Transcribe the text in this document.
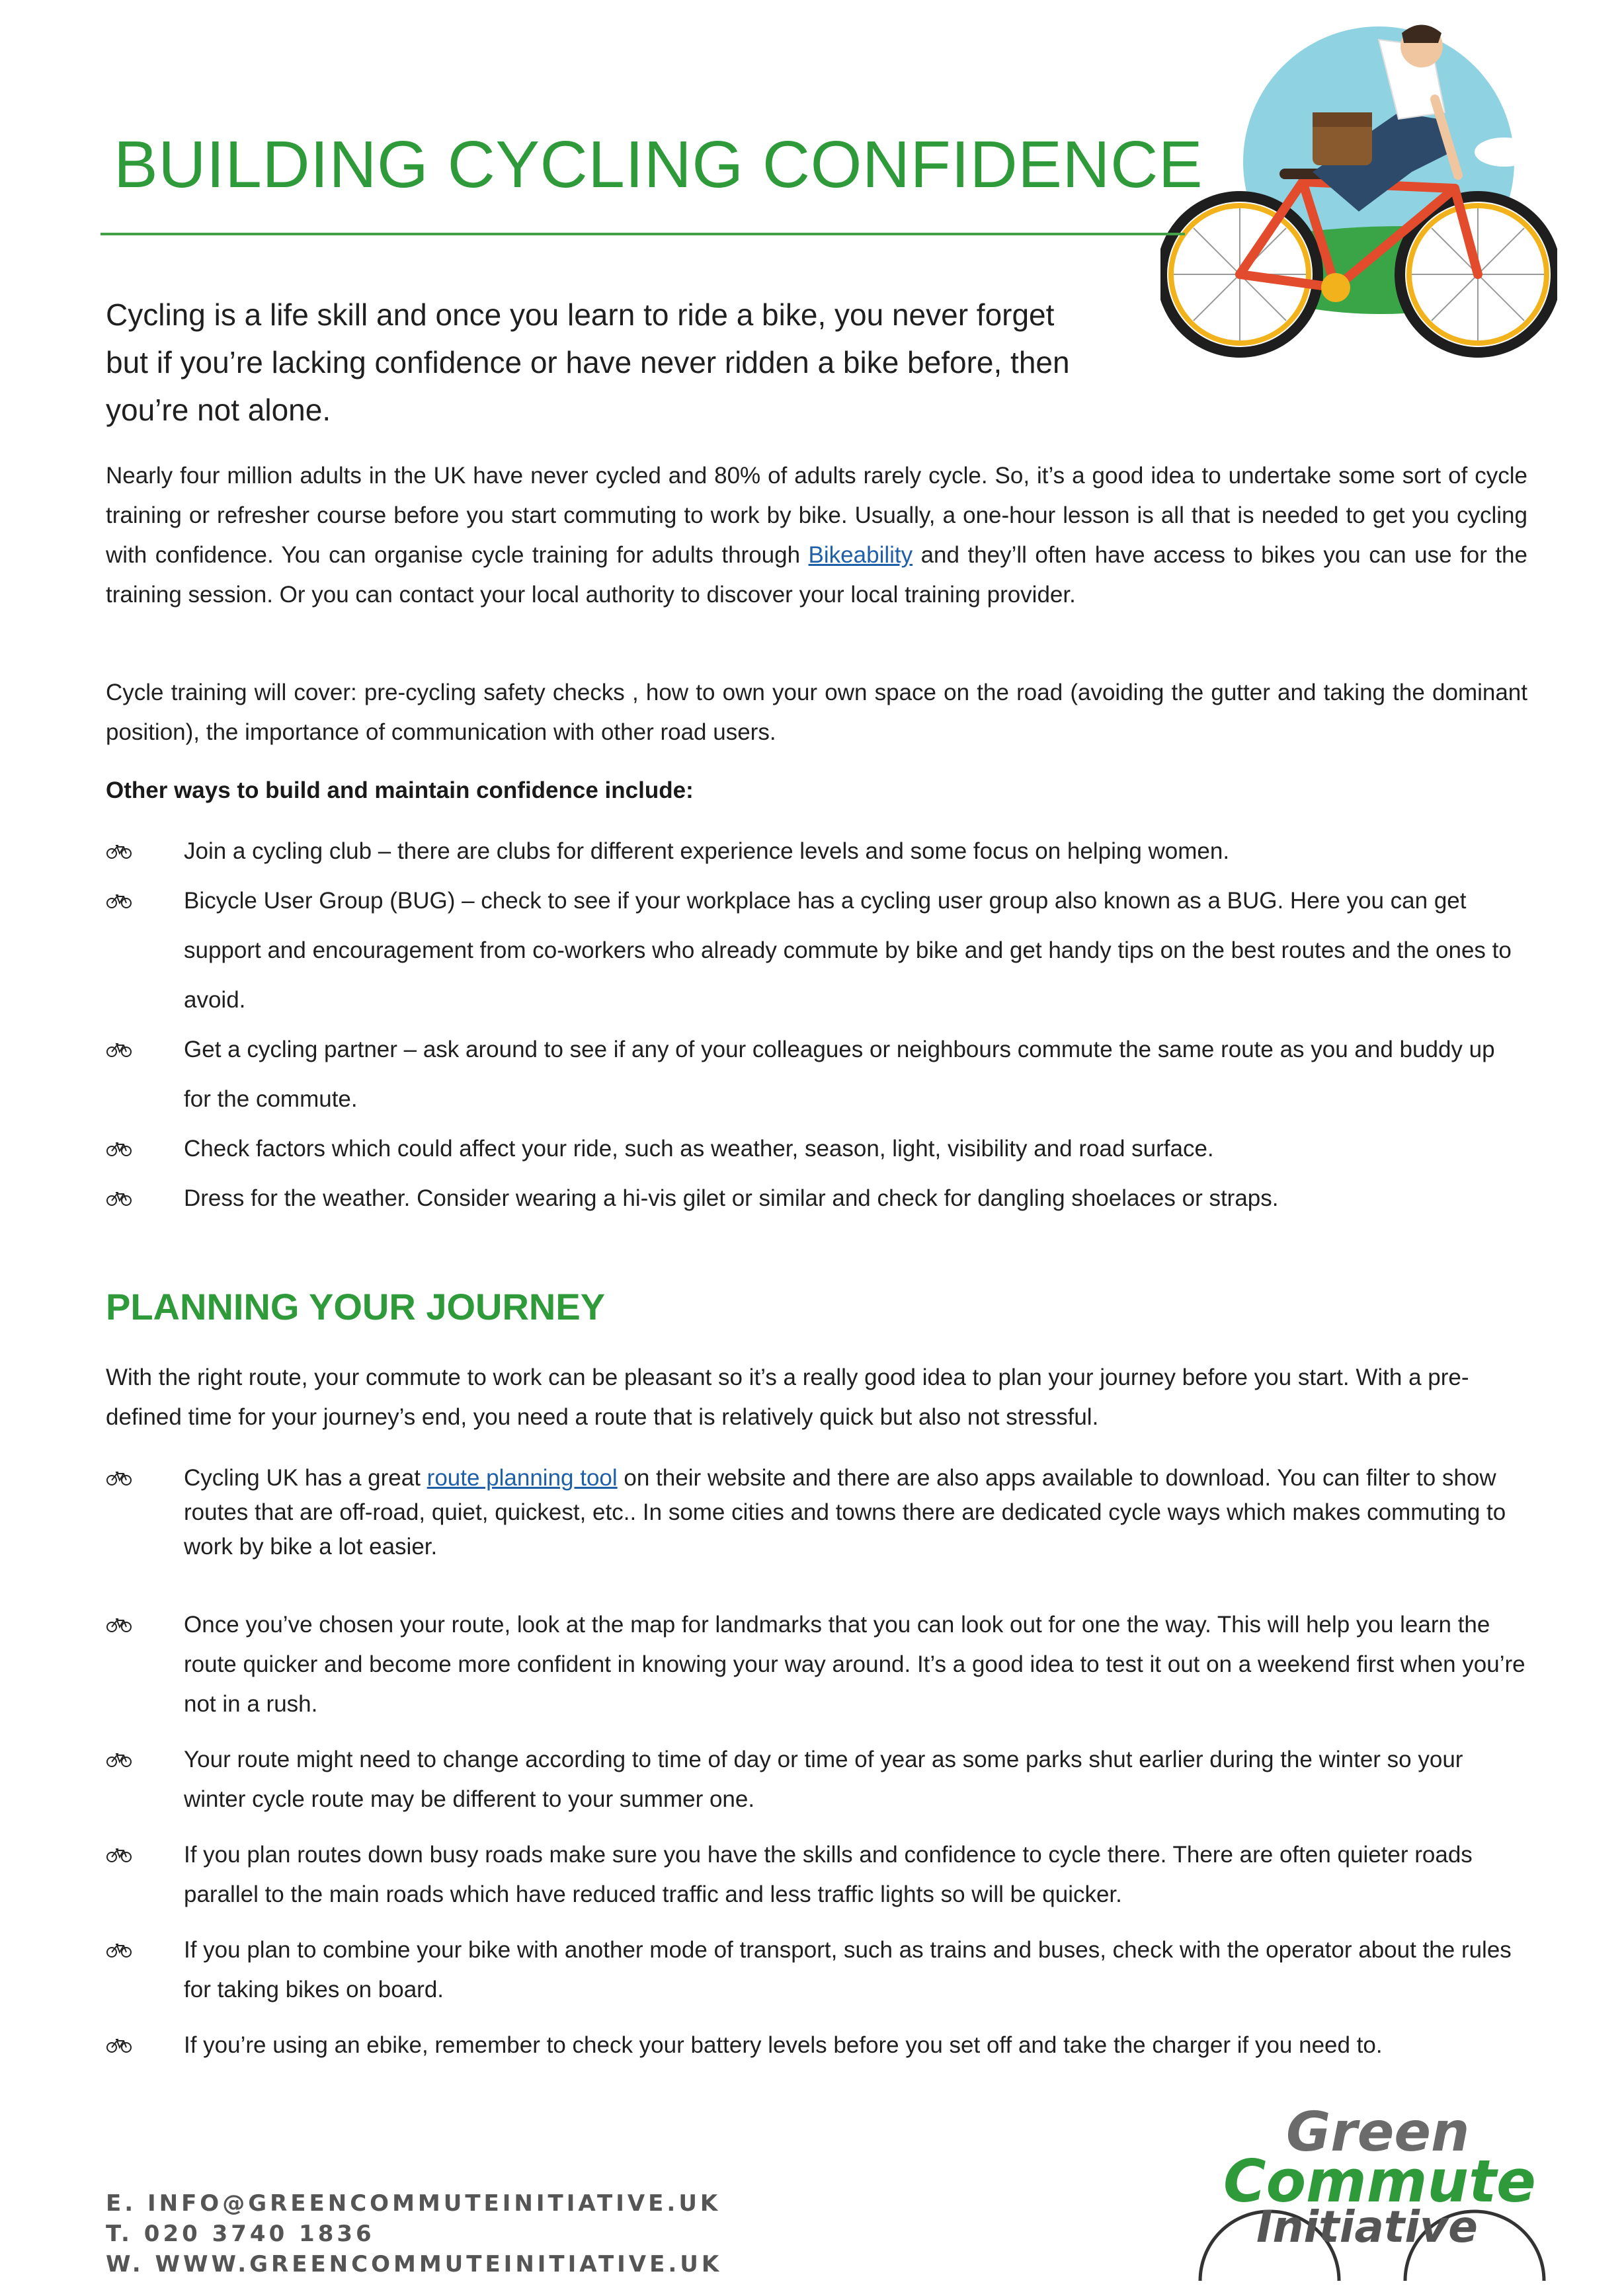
BUILDING CYCLING CONFIDENCE

Cycling is a life skill and once you learn to ride a bike, you never forget but if you’re lacking confidence or have never ridden a bike before, then you’re not alone.

Nearly four million adults in the UK have never cycled and 80% of adults rarely cycle. So, it’s a good idea to undertake some sort of cycle training or refresher course before you start commuting to work by bike. Usually, a one-hour lesson is all that is needed to get you cycling with confidence. You can organise cycle training for adults through Bikeability and they’ll often have access to bikes you can use for the training session. Or you can contact your local authority to discover your local training provider.

Cycle training will cover: pre-cycling safety checks , how to own your own space on the road (avoiding the gutter and taking the dominant position), the importance of communication with other road users.

Other ways to build and maintain confidence include:

Join a cycling club – there are clubs for different experience levels and some focus on helping women.
Bicycle User Group (BUG) – check to see if your workplace has a cycling user group also known as a BUG. Here you can get support and encouragement from co-workers who already commute by bike and get handy tips on the best routes and the ones to avoid.
Get a cycling partner – ask around to see if any of your colleagues or neighbours commute the same route as you and buddy up for the commute.
Check factors which could affect your ride, such as weather, season, light, visibility and road surface.
Dress for the weather. Consider wearing a hi-vis gilet or similar and check for dangling shoelaces or straps.
PLANNING YOUR JOURNEY

With the right route, your commute to work can be pleasant so it’s a really good idea to plan your journey before you start. With a pre-defined time for your journey’s end, you need a route that is relatively quick but also not stressful.

Cycling UK has a great route planning tool on their website and there are also apps available to download. You can filter to show routes that are off-road, quiet, quickest, etc.. In some cities and towns there are dedicated cycle ways which makes commuting to work by bike a lot easier.
Once you’ve chosen your route, look at the map for landmarks that you can look out for one the way. This will help you learn the route quicker and become more confident in knowing your way around. It’s a good idea to test it out on a weekend first when you’re not in a rush.
Your route might need to change according to time of day or time of year as some parks shut earlier during the winter so your winter cycle route may be different to your summer one.
If you plan routes down busy roads make sure you have the skills and confidence to cycle there. There are often quieter roads parallel to the main roads which have reduced traffic and less traffic lights so will be quicker.
If you plan to combine your bike with another mode of transport, such as trains and buses, check with the operator about the rules for taking bikes on board.
If you’re using an ebike, remember to check your battery levels before you set off and take the charger if you need to.
E. INFO@GREENCOMMUTEINITIATIVE.UK
T. 020 3740 1836
W. WWW.GREENCOMMUTEINITIATIVE.UK
Green
Commute
Initiative
